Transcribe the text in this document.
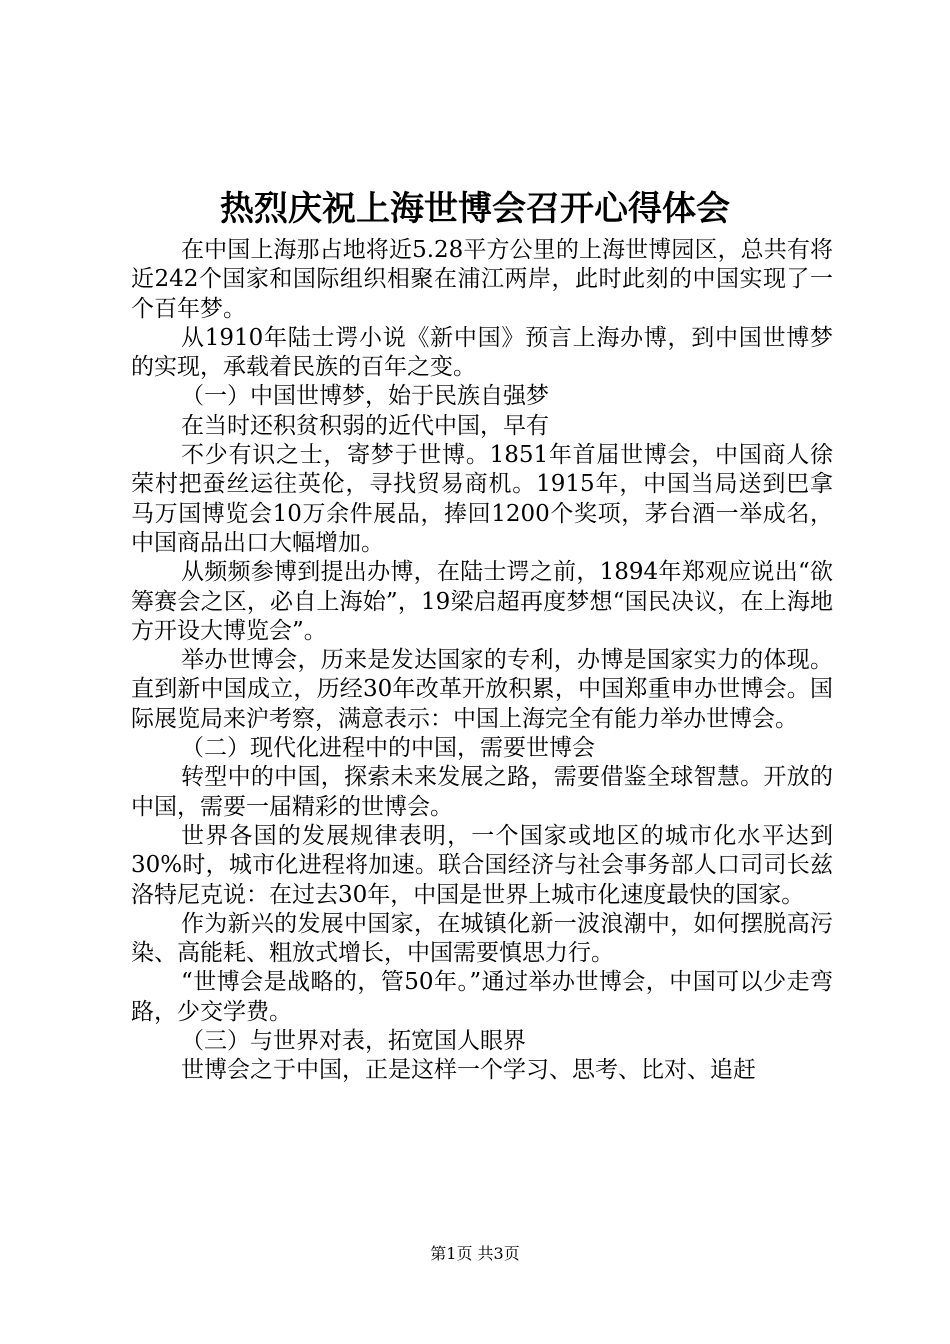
热烈庆祝上海世博会召开心得体会

在中国上海那占地将近5.28平方公里的上海世博园区，总共有将近242个国家和国际组织相聚在浦江两岸，此时此刻的中国实现了一个百年梦。

从1910年陆士谔小说《新中国》预言上海办博，到中国世博梦的实现，承载着民族的百年之变。

（一）中国世博梦，始于民族自强梦

在当时还积贫积弱的近代中国，早有

不少有识之士，寄梦于世博。1851年首届世博会，中国商人徐荣村把蚕丝运往英伦，寻找贸易商机。1915年，中国当局送到巴拿马万国博览会10万余件展品，捧回1200个奖项，茅台酒一举成名，中国商品出口大幅增加。

从频频参博到提出办博，在陆士谔之前，1894年郑观应说出“欲筹赛会之区，必自上海始”，19梁启超再度梦想“国民决议，在上海地方开设大博览会”。

举办世博会，历来是发达国家的专利，办博是国家实力的体现。直到新中国成立，历经30年改革开放积累，中国郑重申办世博会。国际展览局来沪考察，满意表示：中国上海完全有能力举办世博会。

（二）现代化进程中的中国，需要世博会

转型中的中国，探索未来发展之路，需要借鉴全球智慧。开放的中国，需要一届精彩的世博会。

世界各国的发展规律表明，一个国家或地区的城市化水平达到30%时，城市化进程将加速。联合国经济与社会事务部人口司司长兹洛特尼克说：在过去30年，中国是世界上城市化速度最快的国家。

作为新兴的发展中国家，在城镇化新一波浪潮中，如何摆脱高污染、高能耗、粗放式增长，中国需要慎思力行。

“世博会是战略的，管50年。”通过举办世博会，中国可以少走弯路，少交学费。

（三）与世界对表，拓宽国人眼界

世博会之于中国，正是这样一个学习、思考、比对、追赶

第1页 共3页
